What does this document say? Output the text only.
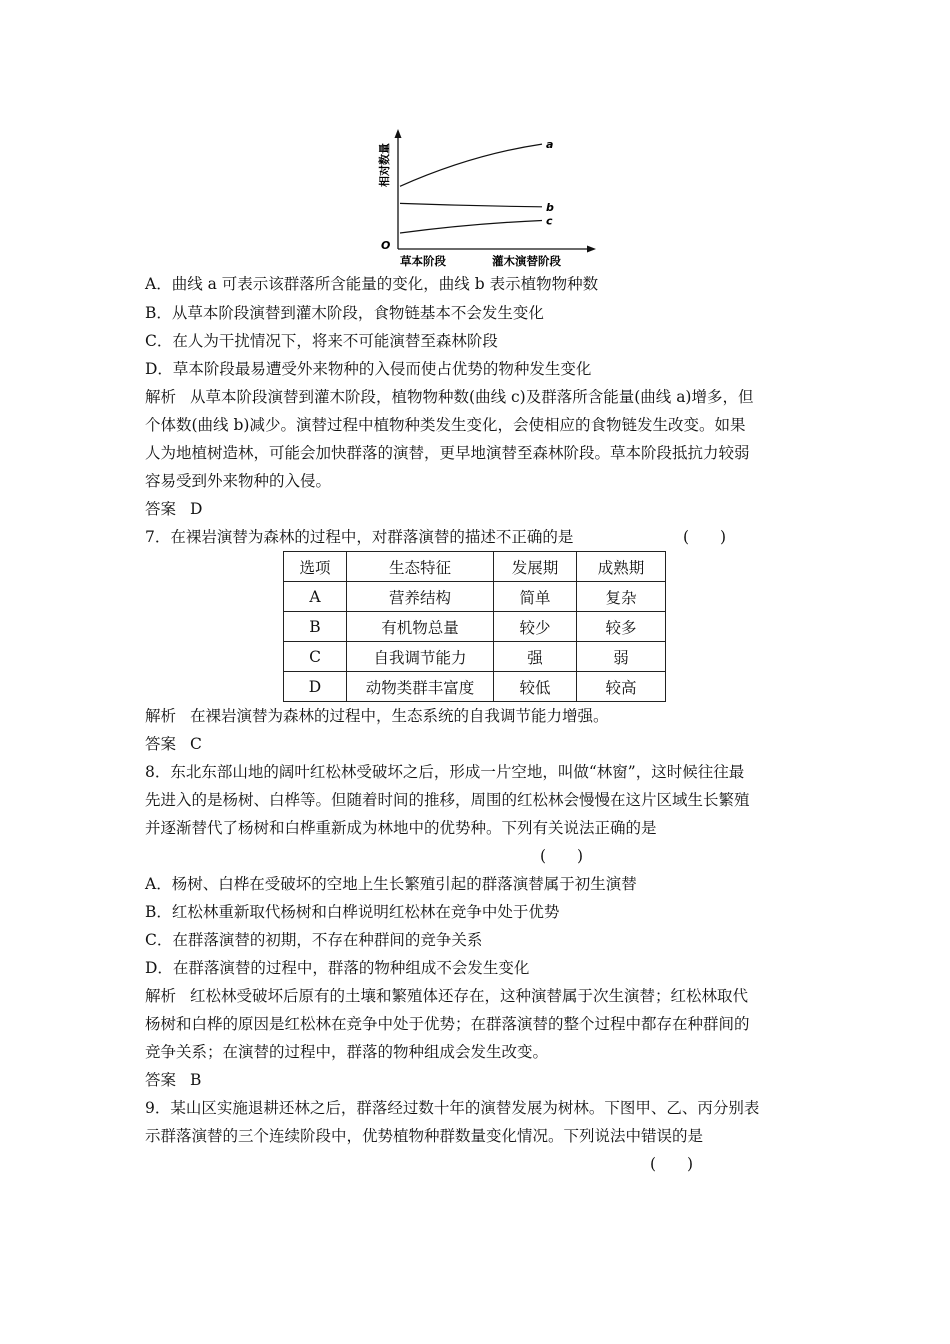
相对数量
O
草本阶段	灌木演替阶段
a
b
c
A．曲线 a 可表示该群落所含能量的变化，曲线 b 表示植物物种数
B．从草本阶段演替到灌木阶段，食物链基本不会发生变化
C．在人为干扰情况下，将来不可能演替至森林阶段
D．草本阶段最易遭受外来物种的入侵而使占优势的物种发生变化
解析 从草本阶段演替到灌木阶段，植物物种数(曲线 c)及群落所含能量(曲线 a)增多，但
个体数(曲线 b)减少。演替过程中植物种类发生变化，会使相应的食物链发生改变。如果
人为地植树造林，可能会加快群落的演替，更早地演替至森林阶段。草本阶段抵抗力较弱
容易受到外来物种的入侵。
答案 D
7．在裸岩演替为森林的过程中，对群落演替的描述不正确的是	(　　)
选项	生态特征	发展期	成熟期
A	营养结构	简单	复杂
B	有机物总量	较少	较多
C	自我调节能力	强	弱
D	动物类群丰富度	较低	较高
解析 在裸岩演替为森林的过程中，生态系统的自我调节能力增强。
答案 C
8．东北东部山地的阔叶红松林受破坏之后，形成一片空地，叫做“林窗”，这时候往往最
先进入的是杨树、白桦等。但随着时间的推移，周围的红松林会慢慢在这片区域生长繁殖
并逐渐替代了杨树和白桦重新成为林地中的优势种。下列有关说法正确的是
(　　)
A．杨树、白桦在受破坏的空地上生长繁殖引起的群落演替属于初生演替
B．红松林重新取代杨树和白桦说明红松林在竞争中处于优势
C．在群落演替的初期，不存在种群间的竞争关系
D．在群落演替的过程中，群落的物种组成不会发生变化
解析 红松林受破坏后原有的土壤和繁殖体还存在，这种演替属于次生演替；红松林取代
杨树和白桦的原因是红松林在竞争中处于优势；在群落演替的整个过程中都存在种群间的
竞争关系；在演替的过程中，群落的物种组成会发生改变。
答案 B
9．某山区实施退耕还林之后，群落经过数十年的演替发展为树林。下图甲、乙、丙分别表
示群落演替的三个连续阶段中，优势植物种群数量变化情况。下列说法中错误的是
(　　)
